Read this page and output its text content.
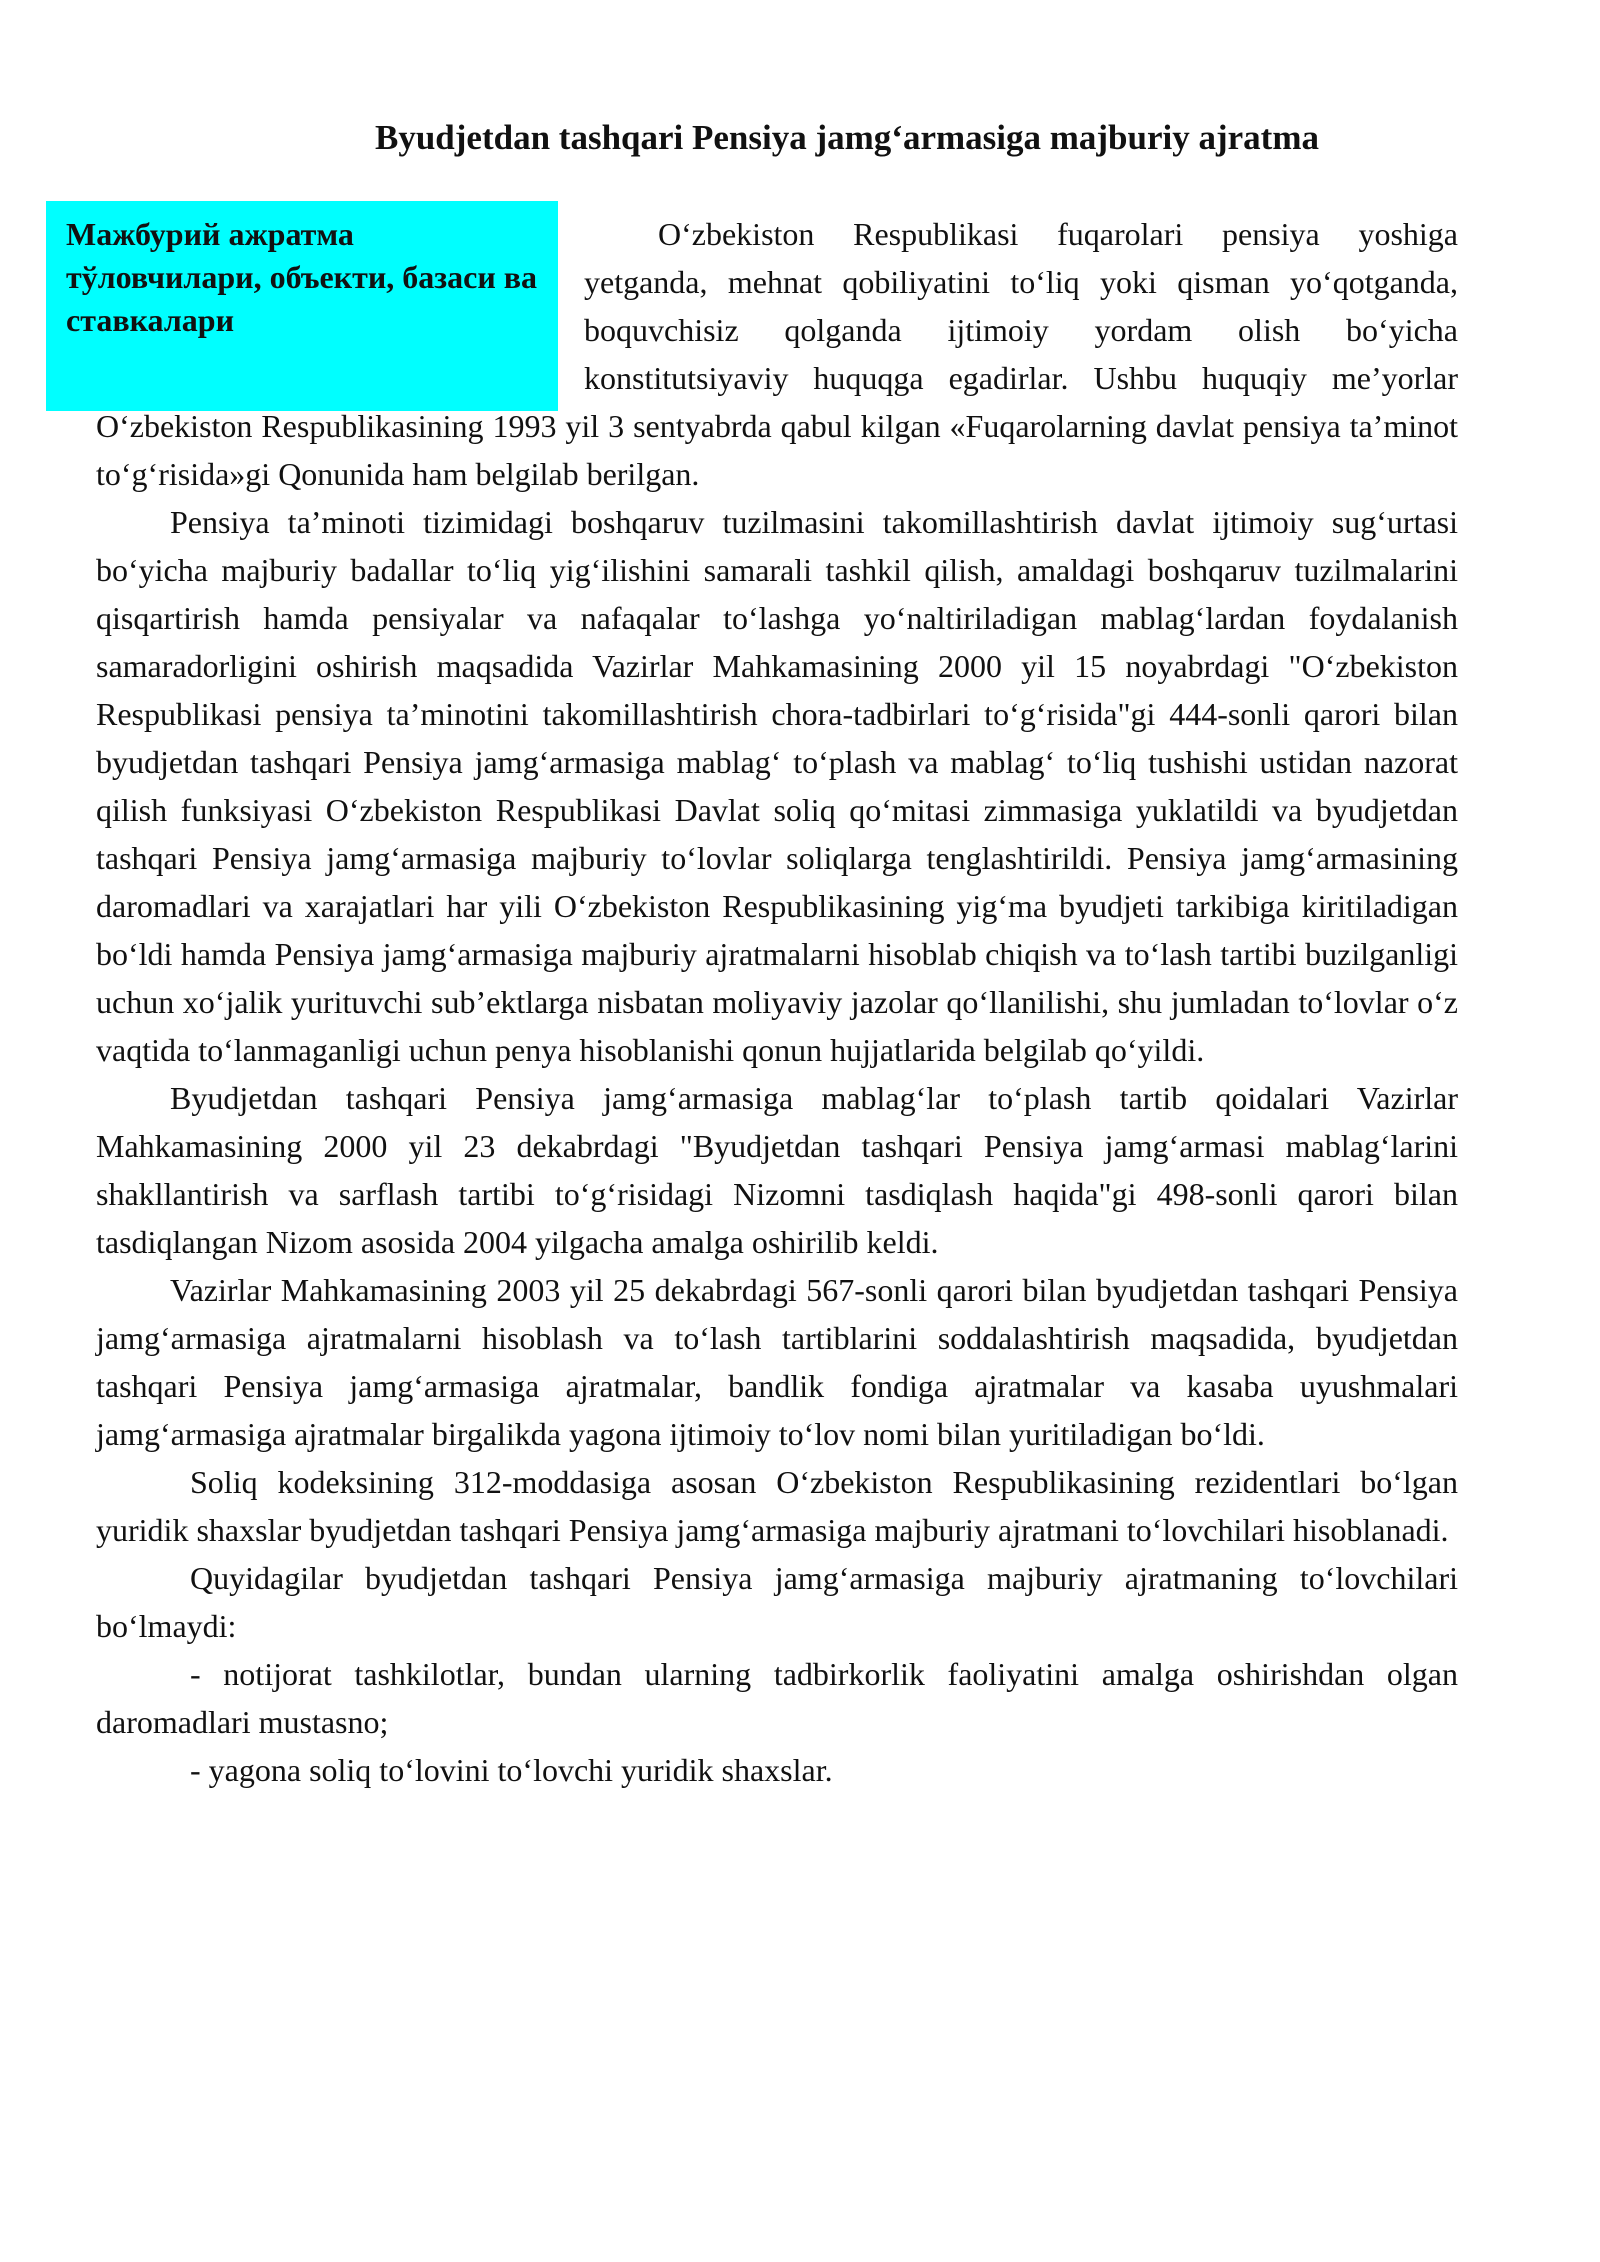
Byudjetdan tashqari Pensiya jamg‘armasiga majburiy ajratma
Мажбурий ажратма тўловчилари, объекти, базаси ва ставкалари

O‘zbekiston Respublikasi fuqarolari pensiya yoshiga yetganda, mehnat qobiliyatini to‘liq yoki qisman yo‘qotganda, boquvchisiz qolganda ijtimoiy yordam olish bo‘yicha konstitutsiyaviy huquqga egadirlar. Ushbu huquqiy me’yorlar O‘zbekiston Respublikasining 1993 yil 3 sentyabrda qabul kilgan «Fuqarolarning davlat pensiya ta’minot to‘g‘risida»gi Qonunida ham belgilab berilgan.

Pensiya ta’minoti tizimidagi boshqaruv tuzilmasini takomillashtirish davlat ijtimoiy sug‘urtasi bo‘yicha majburiy badallar to‘liq yig‘ilishini samarali tashkil qilish, amaldagi boshqaruv tuzilmalarini qisqartirish hamda pensiyalar va nafaqalar to‘lashga yo‘naltiriladigan mablag‘lardan foydalanish samaradorligini oshirish maqsadida Vazirlar Mahkamasining 2000 yil 15 noyabrdagi "O‘zbekiston Respublikasi pensiya ta’minotini takomillashtirish chora-tadbirlari to‘g‘risida"gi 444-sonli qarori bilan byudjetdan tashqari Pensiya jamg‘armasiga mablag‘ to‘plash va mablag‘ to‘liq tushishi ustidan nazorat qilish funksiyasi O‘zbekiston Respublikasi Davlat soliq qo‘mitasi zimmasiga yuklatildi va byudjetdan tashqari Pensiya jamg‘armasiga majburiy to‘lovlar soliqlarga tenglashtirildi. Pensiya jamg‘armasining daromadlari va xarajatlari har yili O‘zbekiston Respublikasining yig‘ma byudjeti tarkibiga kiritiladigan bo‘ldi hamda Pensiya jamg‘armasiga majburiy ajratmalarni hisoblab chiqish va to‘lash tartibi buzilganligi uchun xo‘jalik yurituvchi sub’ektlarga nisbatan moliyaviy jazolar qo‘llanilishi, shu jumladan to‘lovlar o‘z vaqtida to‘lanmaganligi uchun penya hisoblanishi qonun hujjatlarida belgilab qo‘yildi.

Byudjetdan tashqari Pensiya jamg‘armasiga mablag‘lar to‘plash tartib qoidalari Vazirlar Mahkamasining 2000 yil 23 dekabrdagi "Byudjetdan tashqari Pensiya jamg‘armasi mablag‘larini shakllantirish va sarflash tartibi to‘g‘risidagi Nizomni tasdiqlash haqida"gi 498-sonli qarori bilan tasdiqlangan Nizom asosida 2004 yilgacha amalga oshirilib keldi.

Vazirlar Mahkamasining 2003 yil 25 dekabrdagi 567-sonli qarori bilan byudjetdan tashqari Pensiya jamg‘armasiga ajratmalarni hisoblash va to‘lash tartiblarini soddalashtirish maqsadida, byudjetdan tashqari Pensiya jamg‘armasiga ajratmalar, bandlik fondiga ajratmalar va kasaba uyushmalari jamg‘armasiga ajratmalar birgalikda yagona ijtimoiy to‘lov nomi bilan yuritiladigan bo‘ldi.

Soliq kodeksining 312-moddasiga asosan O‘zbekiston Respublikasining rezidentlari bo‘lgan yuridik shaxslar byudjetdan tashqari Pensiya jamg‘armasiga majburiy ajratmani to‘lovchilari hisoblanadi.

Quyidagilar byudjetdan tashqari Pensiya jamg‘armasiga majburiy ajratmaning to‘lovchilari bo‘lmaydi:

- notijorat tashkilotlar, bundan ularning tadbirkorlik faoliyatini amalga oshirishdan olgan daromadlari mustasno;

- yagona soliq to‘lovini to‘lovchi yuridik shaxslar.
